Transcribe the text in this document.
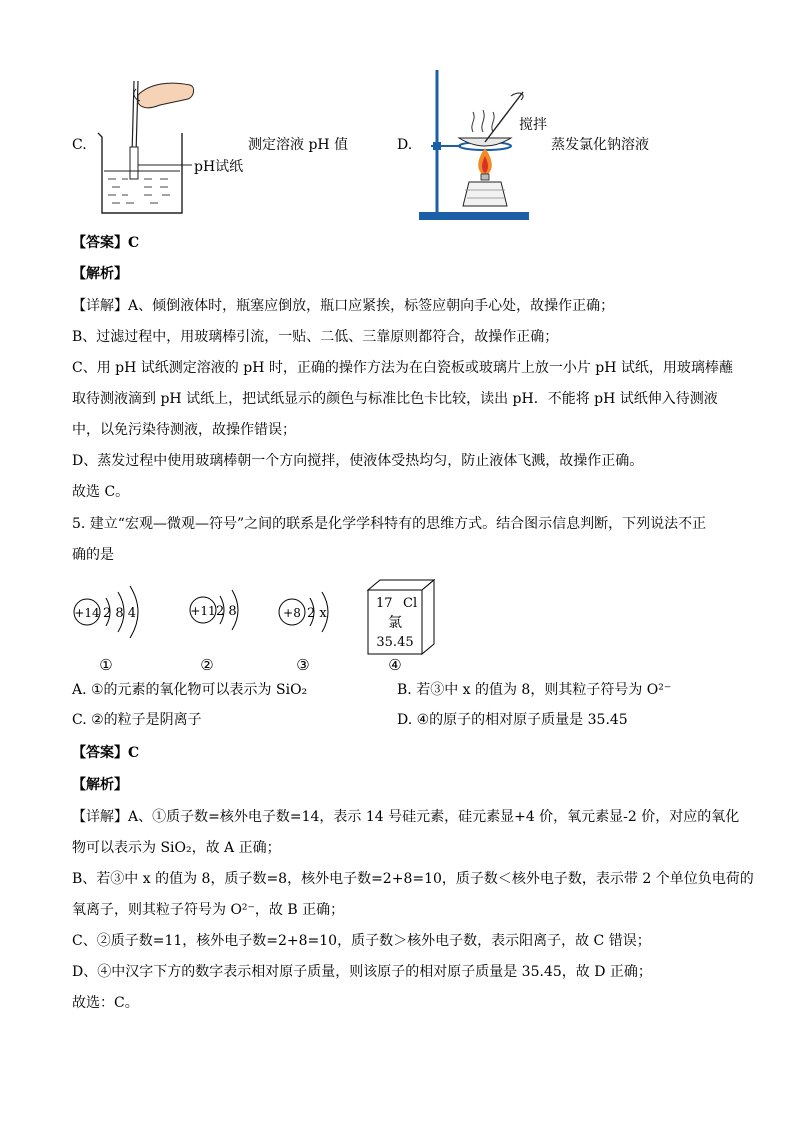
C.
pH试纸
测定溶液 pH 值	D.
搅拌
蒸发氯化钠溶液
【答案】C
【解析】
【详解】A、倾倒液体时，瓶塞应倒放，瓶口应紧挨，标签应朝向手心处，故操作正确；
B、过滤过程中，用玻璃棒引流，一贴、二低、三靠原则都符合，故操作正确；
C、用 pH 试纸测定溶液的 pH 时，正确的操作方法为在白瓷板或玻璃片上放一小片 pH 试纸，用玻璃棒蘸
取待测液滴到 pH 试纸上，把试纸显示的颜色与标准比色卡比较，读出 pH．不能将 pH 试纸伸入待测液
中，以免污染待测液，故操作错误；
D、蒸发过程中使用玻璃棒朝一个方向搅拌，使液体受热均匀，防止液体飞溅，故操作正确。
故选 C。
5. 建立“宏观—微观—符号”之间的联系是化学学科特有的思维方式。结合图示信息判断，下列说法不正
确的是
+14 2 8 4
①
+11 2 8
②
+8 2 x
③
17 Cl
氯
35.45
④
A. ①的元素的氧化物可以表示为 SiO₂	B. 若③中 x 的值为 8，则其粒子符号为 O²⁻
C. ②的粒子是阴离子	D. ④的原子的相对原子质量是 35.45
【答案】C
【解析】
【详解】A、①质子数=核外电子数=14，表示 14 号硅元素，硅元素显+4 价，氧元素显-2 价，对应的氧化
物可以表示为 SiO₂，故 A 正确；
B、若③中 x 的值为 8，质子数=8，核外电子数=2+8=10，质子数＜核外电子数，表示带 2 个单位负电荷的
氧离子，则其粒子符号为 O²⁻，故 B 正确；
C、②质子数=11，核外电子数=2+8=10，质子数＞核外电子数，表示阳离子，故 C 错误；
D、④中汉字下方的数字表示相对原子质量，则该原子的相对原子质量是 35.45，故 D 正确；
故选：C。
